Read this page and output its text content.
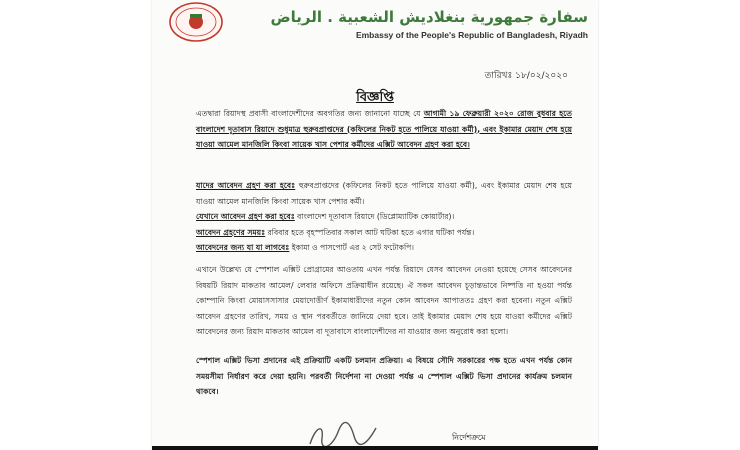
سفارة جمهورية بنغلاديش الشعبية . الرياض
Embassy of the People's Republic of Bangladesh, Riyadh
তারিখঃ ১৮/০২/২০২০
বিজ্ঞপ্তি
এতদ্বারা রিয়াদস্থ প্রবাসী বাংলাদেশীদের অবগতির জন্য জানানো যাচ্ছে যে আগামী ১৯ ফেব্রুয়ারী ২০২০ রোজ বুধবার হতে বাংলাদেশ দূতাবাস রিয়াদে শুধুমাত্র হুরুবপ্রাপ্তদের (কফিলের নিকট হতে পালিয়ে যাওয়া কর্মী), এবং ইকামার মেয়াদ শেষ হয়ে যাওয়া আমেল মানজিলি কিংবা সায়েক খাস পেশার কর্মীদের এক্সিট আবেদন গ্রহণ করা হবে।
যাদের আবেদন গ্রহণ করা হবেঃ হুরুবপ্রাপ্তদের (কফিলের নিকট হতে পালিয়ে যাওয়া কর্মী), এবং ইকামার মেয়াদ শেষ হয়ে যাওয়া আমেল মানজিলি কিংবা সায়েক খাস পেশার কর্মী।
যেখানে আবেদন গ্রহণ করা হবেঃ বাংলাদেশ দূতাবাস রিয়াদে (ডিপ্লোম্যাটিক কোয়ার্টার)।
আবেদন গ্রহণের সময়ঃ রবিবার হতে বৃহস্পতিবার সকাল আট ঘটিকা হতে এগার ঘটিকা পর্যন্ত।
আবেদনের জন্য যা যা লাগবেঃ ইকামা ও পাসপোর্ট এর ২ সেট ফটোকপি।
এখানে উল্লেখ্য যে স্পেশাল এক্সিট প্রোগ্রামের আওতায় এখন পর্যন্ত রিয়াদে যেসব আবেদন নেওয়া হয়েছে সেসব আবেদনের বিষয়টি রিয়াদ মাকতাব আমেল/ লেবার অফিসে প্রক্রিয়াধীন রয়েছে। ঐ সকল আবেদন চূড়ান্তভাবে নিষ্পত্তি না হওয়া পর্যন্ত কোম্পানি কিংবা মোয়াসসাসার মেয়াদোত্তীর্ণ ইকামাধারীদের নতুন কোন আবেদন আপাততঃ গ্রহণ করা হবেনা। নতুন এক্সিট আবেদন গ্রহণের তারিখ, সময় ও স্থান পরবর্তীতে জানিয়ে দেয়া হবে। তাই ইকামার মেয়াদ শেষ হয়ে যাওয়া কর্মীদের এক্সিট আবেদনের জন্য রিয়াদ মাকতাব আমেল বা দূতাবাসে বাংলাদেশীদের না যাওয়ার জন্য অনুরোধ করা হলো।
স্পেশাল এক্সিট ভিসা প্রদানের এই প্রক্রিয়াটি একটি চলমান প্রক্রিয়া। এ বিষয়ে সৌদি সরকারের পক্ষ হতে এখন পর্যন্ত কোন সময়সীমা নির্ধারণ করে দেয়া হয়নি। পরবর্তী নির্দেশনা না দেওয়া পর্যন্ত এ স্পেশাল এক্সিট ভিসা প্রদানের কার্যক্রম চলমান থাকবে।
নির্দেশক্রমে
